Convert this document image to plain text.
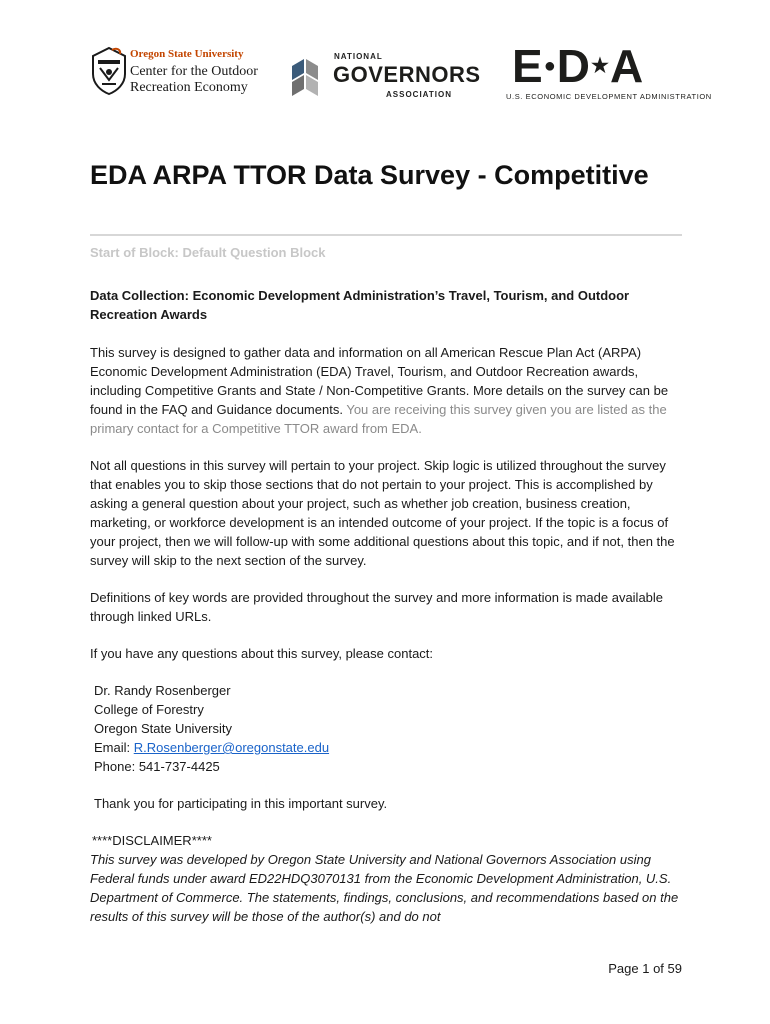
Oregon State University
Center for the Outdoor
Recreation Economy
NATIONAL
GOVERNORS
ASSOCIATION
E●D★A
U.S. ECONOMIC DEVELOPMENT ADMINISTRATION
EDA ARPA TTOR Data Survey - Competitive
Start of Block: Default Question Block

Data Collection: Economic Development Administration’s Travel, Tourism, and Outdoor Recreation Awards

This survey is designed to gather data and information on all American Rescue Plan Act (ARPA) Economic Development Administration (EDA) Travel, Tourism, and Outdoor Recreation awards, including Competitive Grants and State / Non-Competitive Grants. More details on the survey can be found in the FAQ and Guidance documents. You are receiving this survey given you are listed as the primary contact for a Competitive TTOR award from EDA.

Not all questions in this survey will pertain to your project. Skip logic is utilized throughout the survey that enables you to skip those sections that do not pertain to your project. This is accomplished by asking a general question about your project, such as whether job creation, business creation, marketing, or workforce development is an intended outcome of your project. If the topic is a focus of your project, then we will follow-up with some additional questions about this topic, and if not, then the survey will skip to the next section of the survey.

Definitions of key words are provided throughout the survey and more information is made available through linked URLs.

If you have any questions about this survey, please contact:

Dr. Randy Rosenberger
College of Forestry
Oregon State University
Email: R.Rosenberger@oregonstate.edu
Phone: 541-737-4425

Thank you for participating in this important survey.

****DISCLAIMER****

This survey was developed by Oregon State University and National Governors Association using Federal funds under award ED22HDQ3070131 from the Economic Development Administration, U.S. Department of Commerce. The statements, findings, conclusions, and recommendations based on the results of this survey will be those of the author(s) and do not

Page 1 of 59
